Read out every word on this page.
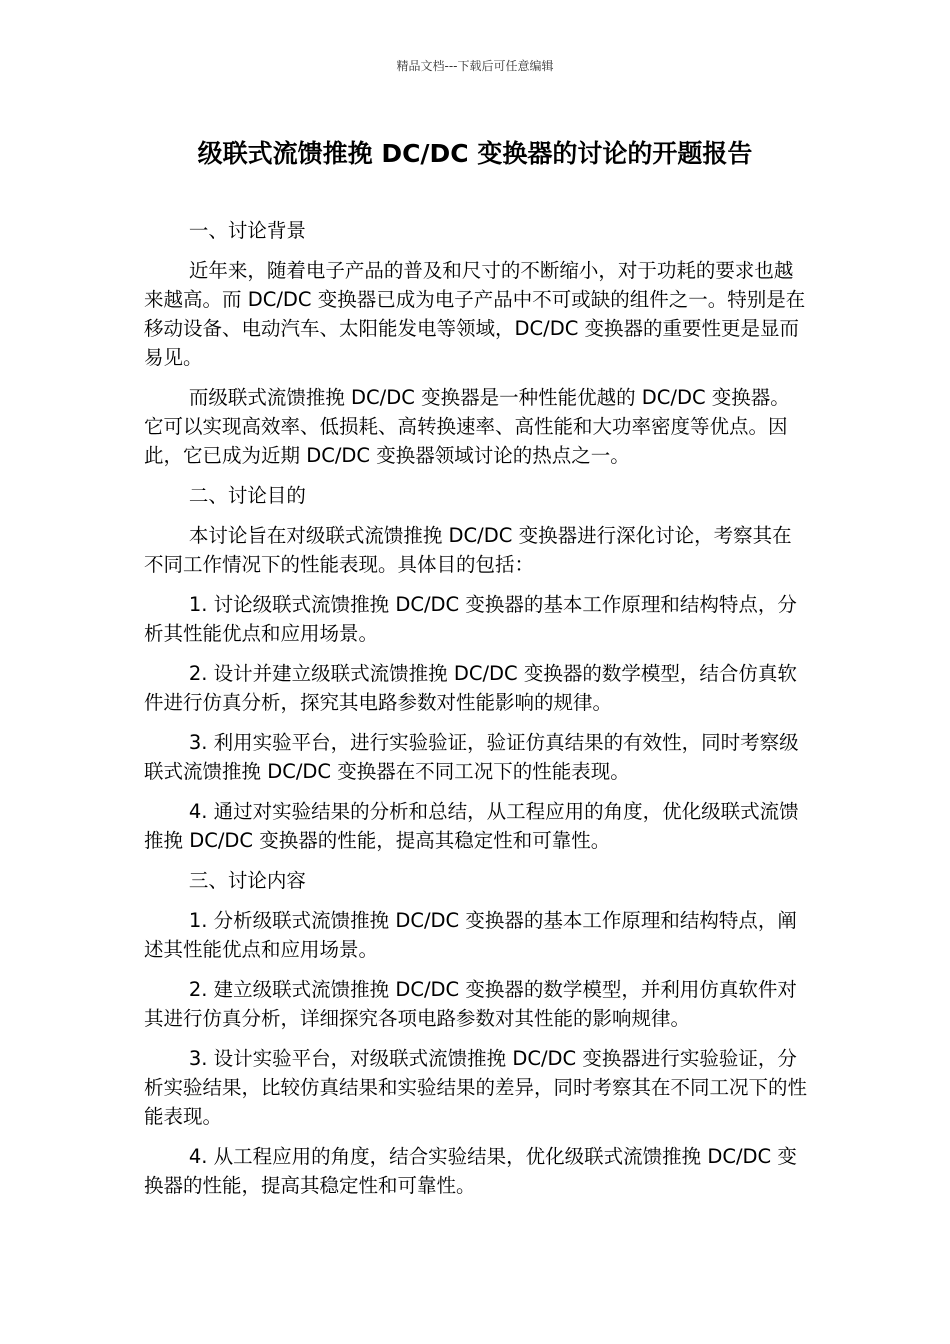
精品文档---下载后可任意编辑
级联式流馈推挽 DC/DC 变换器的讨论的开题报告

一、讨论背景

近年来，随着电子产品的普及和尺寸的不断缩小，对于功耗的要求也越来越高。而 DC/DC 变换器已成为电子产品中不可或缺的组件之一。特别是在移动设备、电动汽车、太阳能发电等领域，DC/DC 变换器的重要性更是显而易见。

而级联式流馈推挽 DC/DC 变换器是一种性能优越的 DC/DC 变换器。它可以实现高效率、低损耗、高转换速率、高性能和大功率密度等优点。因此，它已成为近期 DC/DC 变换器领域讨论的热点之一。

二、讨论目的

本讨论旨在对级联式流馈推挽 DC/DC 变换器进行深化讨论，考察其在不同工作情况下的性能表现。具体目的包括：

1. 讨论级联式流馈推挽 DC/DC 变换器的基本工作原理和结构特点，分析其性能优点和应用场景。

2. 设计并建立级联式流馈推挽 DC/DC 变换器的数学模型，结合仿真软件进行仿真分析，探究其电路参数对性能影响的规律。

3. 利用实验平台，进行实验验证，验证仿真结果的有效性，同时考察级联式流馈推挽 DC/DC 变换器在不同工况下的性能表现。

4. 通过对实验结果的分析和总结，从工程应用的角度，优化级联式流馈推挽 DC/DC 变换器的性能，提高其稳定性和可靠性。

三、讨论内容

1. 分析级联式流馈推挽 DC/DC 变换器的基本工作原理和结构特点，阐述其性能优点和应用场景。

2. 建立级联式流馈推挽 DC/DC 变换器的数学模型，并利用仿真软件对其进行仿真分析，详细探究各项电路参数对其性能的影响规律。

3. 设计实验平台，对级联式流馈推挽 DC/DC 变换器进行实验验证，分析实验结果，比较仿真结果和实验结果的差异，同时考察其在不同工况下的性能表现。

4. 从工程应用的角度，结合实验结果，优化级联式流馈推挽 DC/DC 变换器的性能，提高其稳定性和可靠性。
